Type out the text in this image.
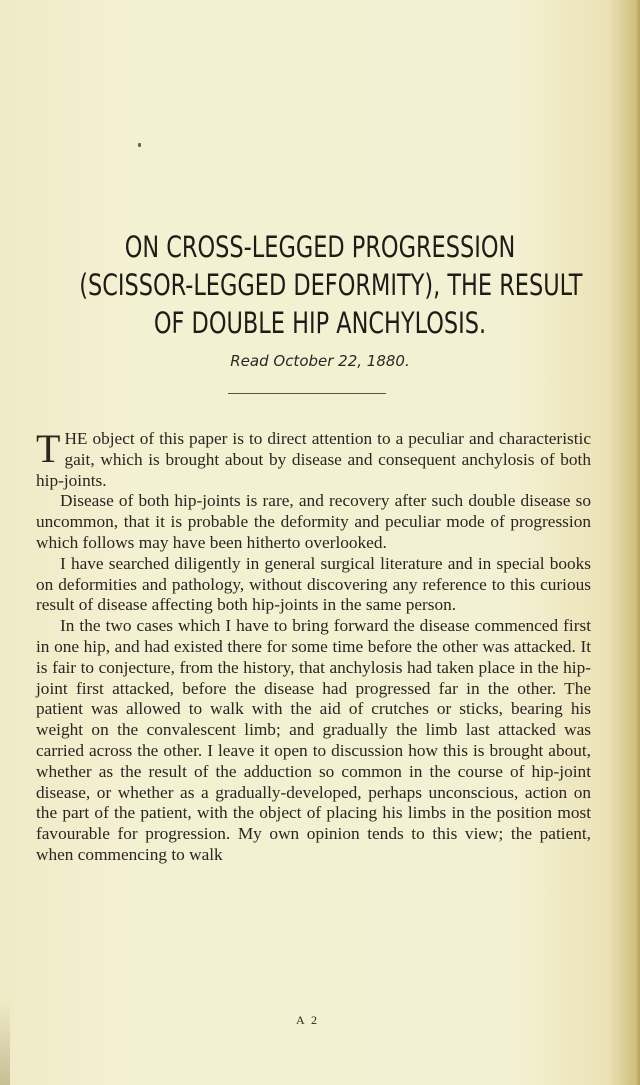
ON CROSS-LEGGED PROGRESSION
(SCISSOR-LEGGED DEFORMITY), THE RESULT
OF DOUBLE HIP ANCHYLOSIS.
Read October 22, 1880.

THE object of this paper is to direct attention to a peculiar and characteristic gait, which is brought about by disease and consequent anchylosis of both hip-joints.

Disease of both hip-joints is rare, and recovery after such double disease so uncommon, that it is probable the deformity and peculiar mode of progression which follows may have been hitherto overlooked.

I have searched diligently in general surgical literature and in special books on deformities and pathology, without discovering any reference to this curious result of disease affecting both hip-joints in the same person.

In the two cases which I have to bring forward the disease commenced first in one hip, and had existed there for some time before the other was attacked. It is fair to conjecture, from the history, that anchylosis had taken place in the hip-joint first attacked, before the disease had progressed far in the other. The patient was allowed to walk with the aid of crutches or sticks, bearing his weight on the convalescent limb; and gradually the limb last attacked was carried across the other. I leave it open to discussion how this is brought about, whether as the result of the adduction so common in the course of hip-joint disease, or whether as a gradually-developed, perhaps unconscious, action on the part of the patient, with the object of placing his limbs in the position most favourable for progression. My own opinion tends to this view; the patient, when commencing to walk

A 2
